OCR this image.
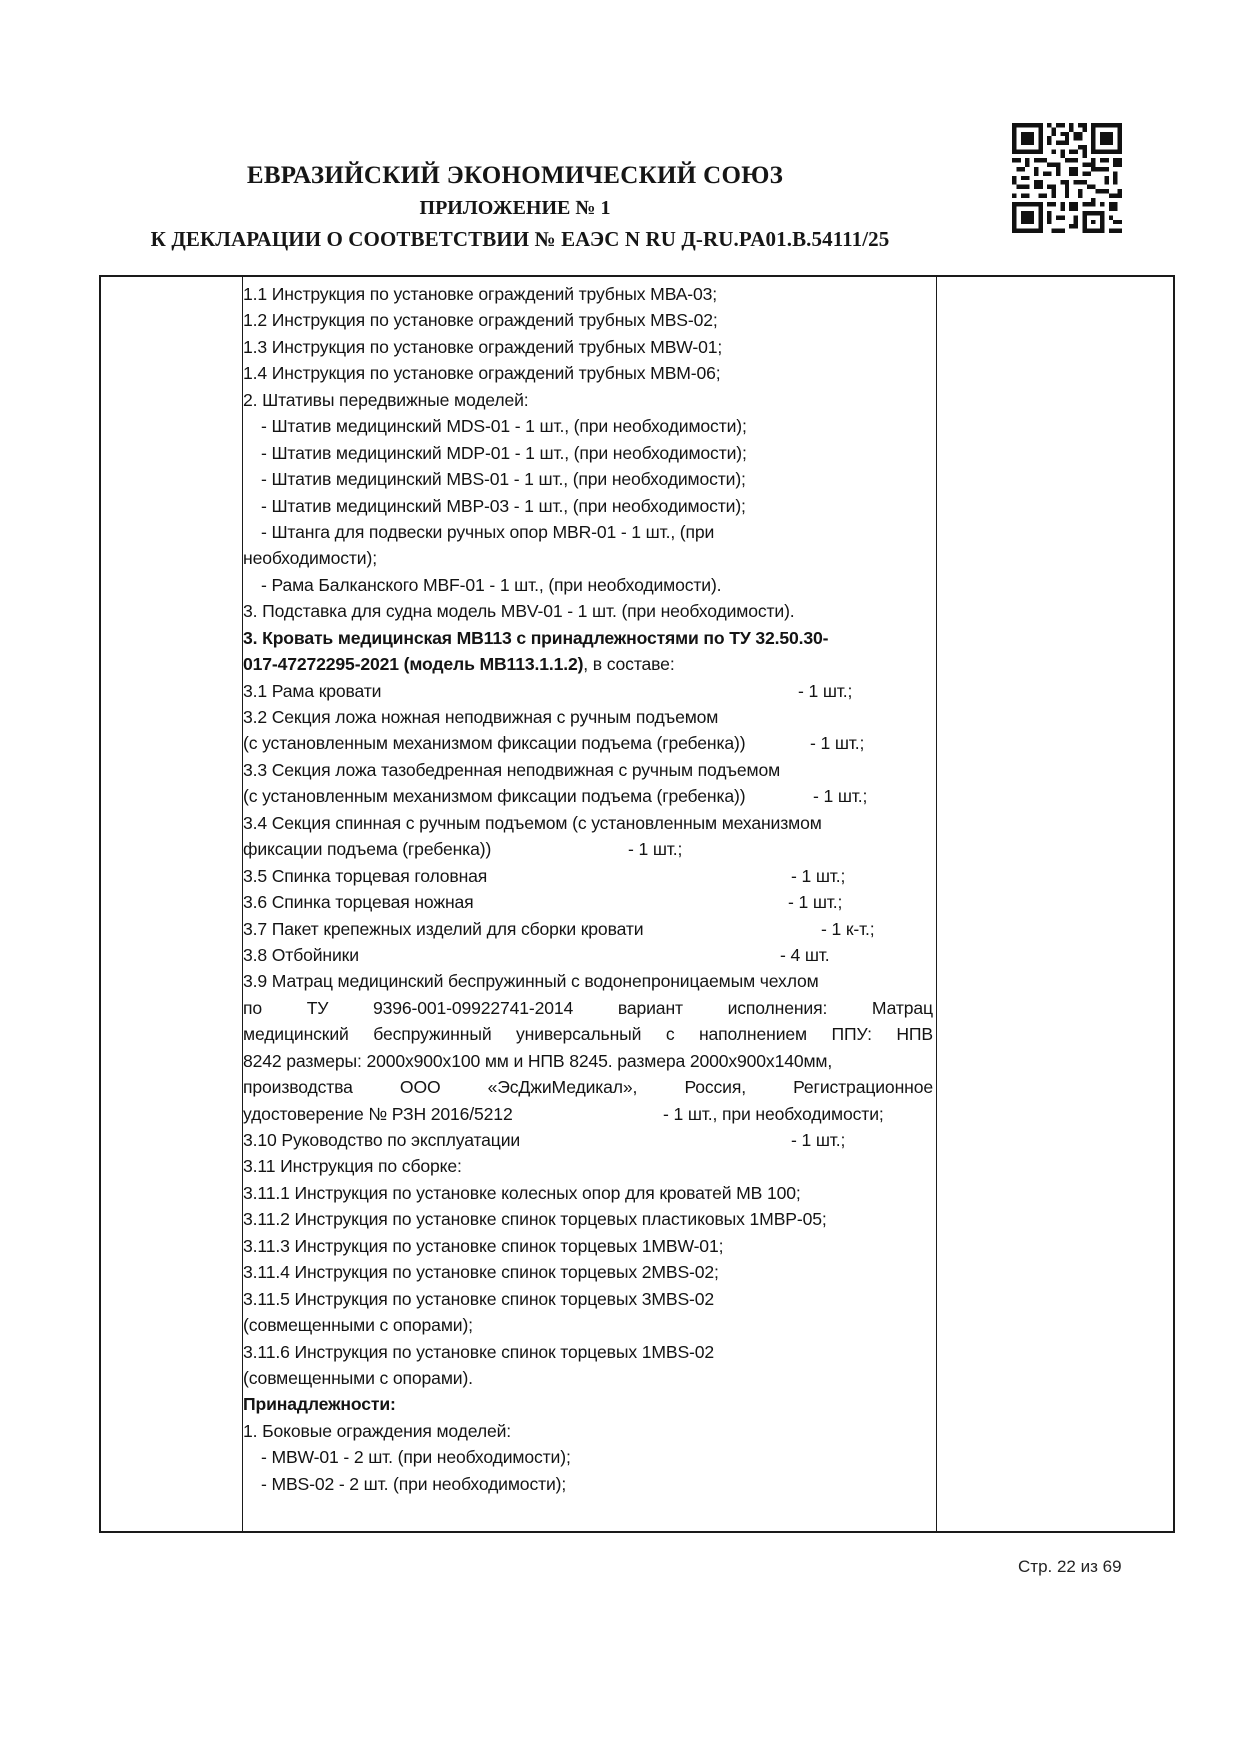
ЕВРАЗИЙСКИЙ ЭКОНОМИЧЕСКИЙ СОЮЗ
ПРИЛОЖЕНИЕ № 1
К ДЕКЛАРАЦИИ О СООТВЕТСТВИИ № ЕАЭС N RU Д-RU.PA01.B.54111/25
1.1 Инструкция по установке ограждений трубных МВА-03;
1.2 Инструкция по установке ограждений трубных MBS-02;
1.3 Инструкция по установке ограждений трубных MBW-01;
1.4 Инструкция по установке ограждений трубных МВМ-06;
2. Штативы передвижные моделей:
- Штатив медицинский MDS-01 - 1 шт., (при необходимости);
- Штатив медицинский MDP-01 - 1 шт., (при необходимости);
- Штатив медицинский MBS-01 - 1 шт., (при необходимости);
- Штатив медицинский МВР-03 - 1 шт., (при необходимости);
- Штанга для подвески ручных опор MBR-01 - 1 шт., (при
необходимости);
- Рама Балканского MBF-01 - 1 шт., (при необходимости).
3. Подставка для судна модель MBV-01 - 1 шт. (при необходимости).
3. Кровать медицинская МВ113 с принадлежностями по ТУ 32.50.30-
017-47272295-2021 (модель МВ113.1.1.2), в составе:
3.1 Рама кровати	- 1 шт.;
3.2 Секция ложа ножная неподвижная с ручным подъемом
(с установленным механизмом фиксации подъема (гребенка))	- 1 шт.;
3.3 Секция ложа тазобедренная неподвижная с ручным подъемом
(с установленным механизмом фиксации подъема (гребенка))	- 1 шт.;
3.4 Секция спинная с ручным подъемом (с установленным механизмом
фиксации подъема (гребенка))	- 1 шт.;
3.5 Спинка торцевая головная	- 1 шт.;
3.6 Спинка торцевая ножная	- 1 шт.;
3.7 Пакет крепежных изделий для сборки кровати	- 1 к-т.;
3.8 Отбойники	- 4 шт.
3.9 Матрац медицинский беспружинный с водонепроницаемым чехлом
по	ТУ	9396-001-09922741-2014	вариант	исполнения:	Матрац
медицинский беспружинный универсальный с наполнением ППУ: НПВ
8242 размеры: 2000х900х100 мм и НПВ 8245. размера 2000х900х140мм,
производства	ООО	«ЭсДжиМедикал»,	Россия,	Регистрационное
удостоверение № РЗН 2016/5212	- 1 шт., при необходимости;
3.10 Руководство по эксплуатации	- 1 шт.;
3.11 Инструкция по сборке:
3.11.1 Инструкция по установке колесных опор для кроватей МВ 100;
3.11.2 Инструкция по установке спинок торцевых пластиковых 1МВР-05;
3.11.3 Инструкция по установке спинок торцевых 1MBW-01;
3.11.4 Инструкция по установке спинок торцевых 2MBS-02;
3.11.5 Инструкция по установке спинок торцевых 3MBS-02
(совмещенными с опорами);
3.11.6 Инструкция по установке спинок торцевых 1MBS-02
(совмещенными с опорами).
Принадлежности:
1. Боковые ограждения моделей:
- MBW-01 - 2 шт. (при необходимости);
- MBS-02 - 2 шт. (при необходимости);
Стр. 22 из 69
